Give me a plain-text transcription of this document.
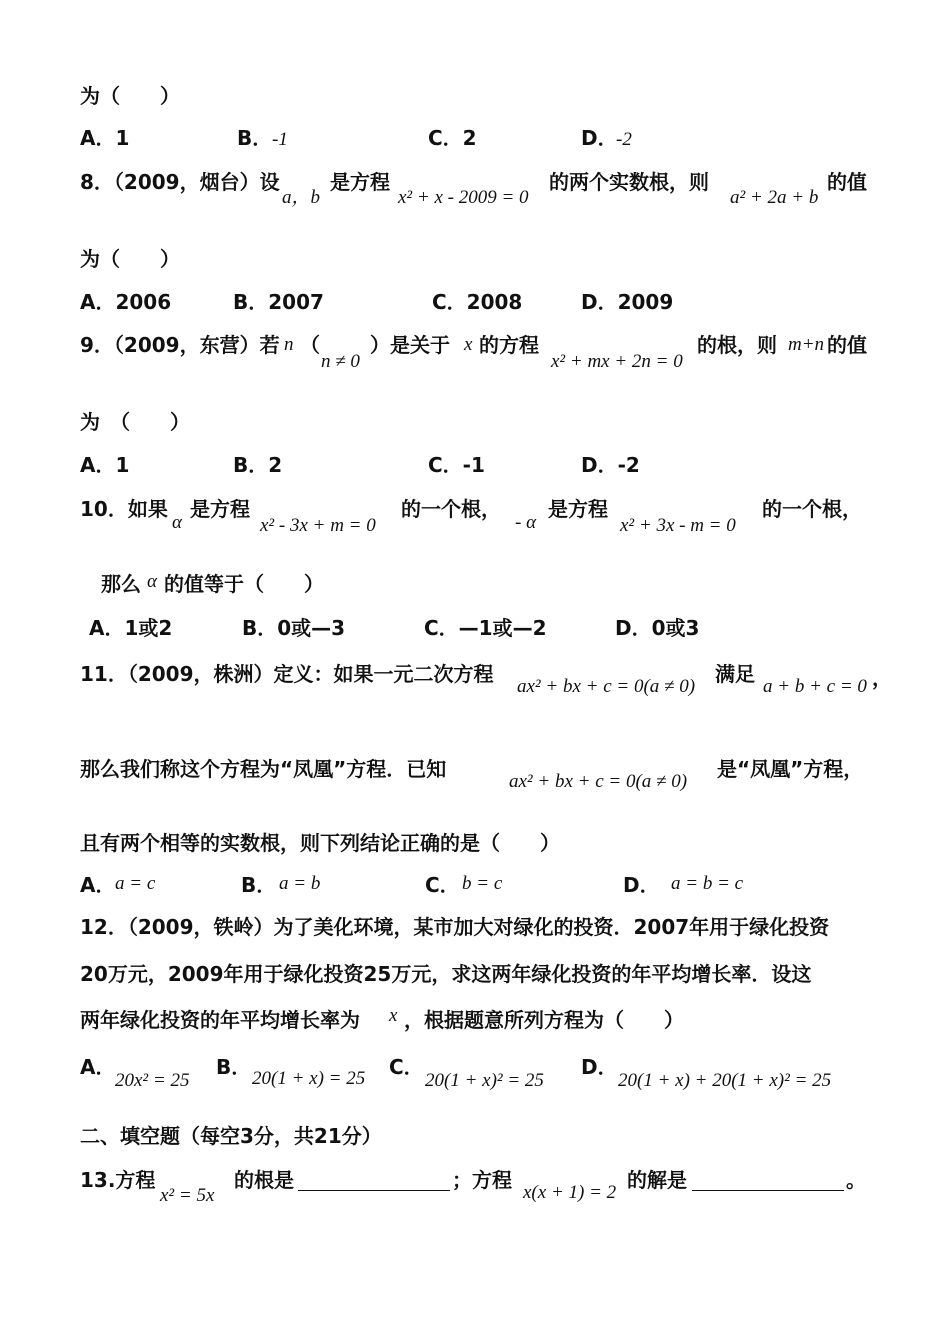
为（　　）
A．1	B． -1	C．2	D．
-2
8．（2009，烟台）设
a，b
是方程
x² + x - 2009 = 0
的两个实数根，则
a² + 2a + b
的值
为（　　）
A．2006	B．2007	C．2008	D．2009
9．（2009，东营）若 n （
n ≠ 0
）是关于 x 的方程
x² + mx + 2n = 0
的根，则 m+n 的值
为　（　　）
A．1	B．2	C．-1	D．-2
10．如果
α
是方程
x² - 3x + m = 0
的一个根，
- α
是方程
x² + 3x - m = 0
的一个根，
那么 α 的值等于（　　）
A．1或2	B．0或—3	C．—1或—2	D．0或3
11．（2009，株洲）定义：如果一元二次方程
ax² + bx + c = 0(a ≠ 0)
满足
a + b + c = 0 ，
那么我们称这个方程为“凤凰”方程．已知
ax² + bx + c = 0(a ≠ 0)
是“凤凰”方程，
且有两个相等的实数根，则下列结论正确的是（　　）
A． a = c	B． a = b	C． b = c	D． a = b = c
12．（2009，铁岭）为了美化环境，某市加大对绿化的投资．2007年用于绿化投资
20万元，2009年用于绿化投资25万元，求这两年绿化投资的年平均增长率．设这
两年绿化投资的年平均增长率为 x ，根据题意所列方程为（　　）
A．
20x² = 25
B． 20(1 + x) = 25 C．
20(1 + x)² = 25
D．
20(1 + x) + 20(1 + x)² = 25
二、填空题（每空3分，共21分）
13.方程
x² = 5x
的根是	；方程
x(x + 1) = 2
的解是	。
